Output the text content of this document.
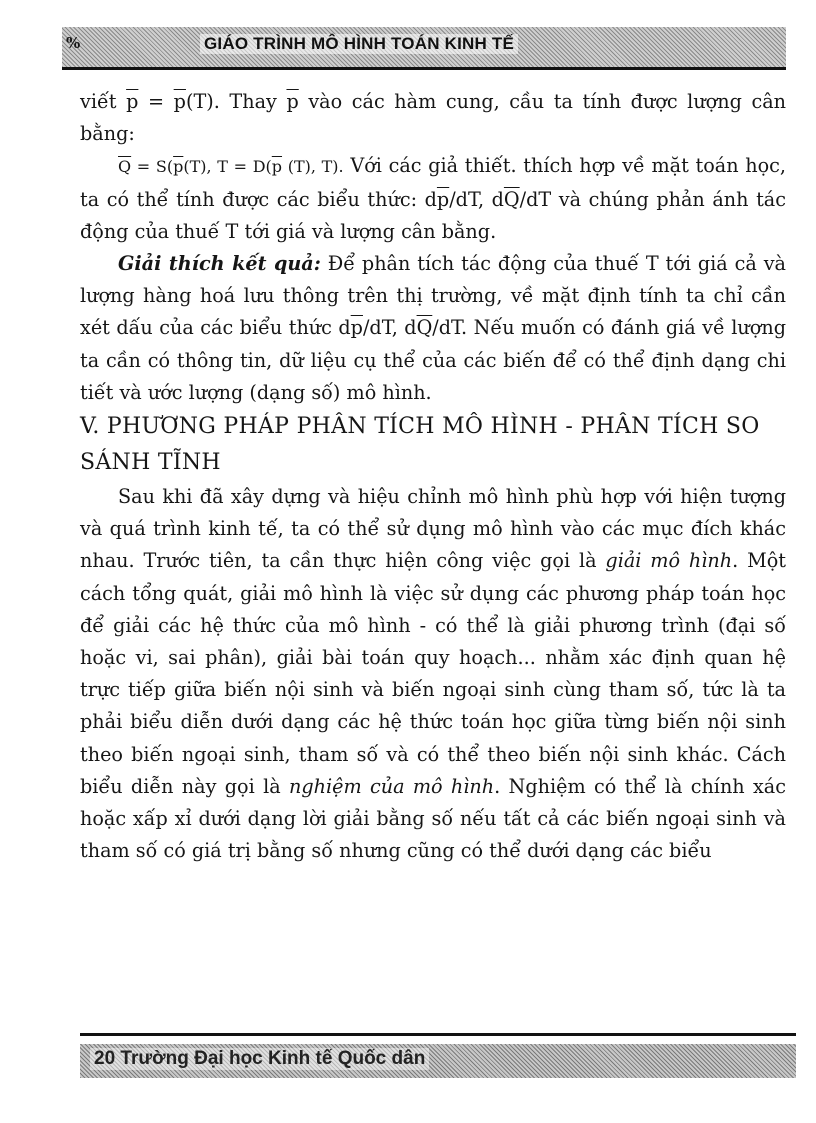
%	GIÁO TRÌNH MÔ HÌNH TOÁN KINH TẾ

viết $\overline{p} = \overline{p}(T)$. Thay $\overline{p}$ vào các hàm cung, cầu ta tính được lượng cân bằng:

$\overline{Q} = S(\overline{p}(T)$, $T = D(\overline{p}$ (T), T). Với các giả thiết. thích hợp về mặt toán học, ta có thể tính được các biểu thức: $d\overline{p}/dT$, $d\overline{Q}/dT$ và chúng phản ánh tác động của thuế T tới giá và lượng cân bằng.

Giải thích kết quả: Để phân tích tác động của thuế T tới giá cả và lượng hàng hoá lưu thông trên thị trường, về mặt định tính ta chỉ cần xét dấu của các biểu thức $d\overline{p}/dT$, $d\overline{Q}/dT$. Nếu muốn có đánh giá về lượng ta cần có thông tin, dữ liệu cụ thể của các biến để có thể định dạng chi tiết và ước lượng (dạng số) mô hình.

V. PHƯƠNG PHÁP PHÂN TÍCH MÔ HÌNH - PHÂN TÍCH SO SÁNH TĨNH

Sau khi đã xây dựng và hiệu chỉnh mô hình phù hợp với hiện tượng và quá trình kinh tế, ta có thể sử dụng mô hình vào các mục đích khác nhau. Trước tiên, ta cần thực hiện công việc gọi là giải mô hình. Một cách tổng quát, giải mô hình là việc sử dụng các phương pháp toán học để giải các hệ thức của mô hình - có thể là giải phương trình (đại số hoặc vi, sai phân), giải bài toán quy hoạch... nhằm xác định quan hệ trực tiếp giữa biến nội sinh và biến ngoại sinh cùng tham số, tức là ta phải biểu diễn dưới dạng các hệ thức toán học giữa từng biến nội sinh theo biến ngoại sinh, tham số và có thể theo biến nội sinh khác. Cách biểu diễn này gọi là nghiệm của mô hình. Nghiệm có thể là chính xác hoặc xấp xỉ dưới dạng lời giải bằng số nếu tất cả các biến ngoại sinh và tham số có giá trị bằng số nhưng cũng có thể dưới dạng các biểu

20 Trường Đại học Kinh tế Quốc dân
